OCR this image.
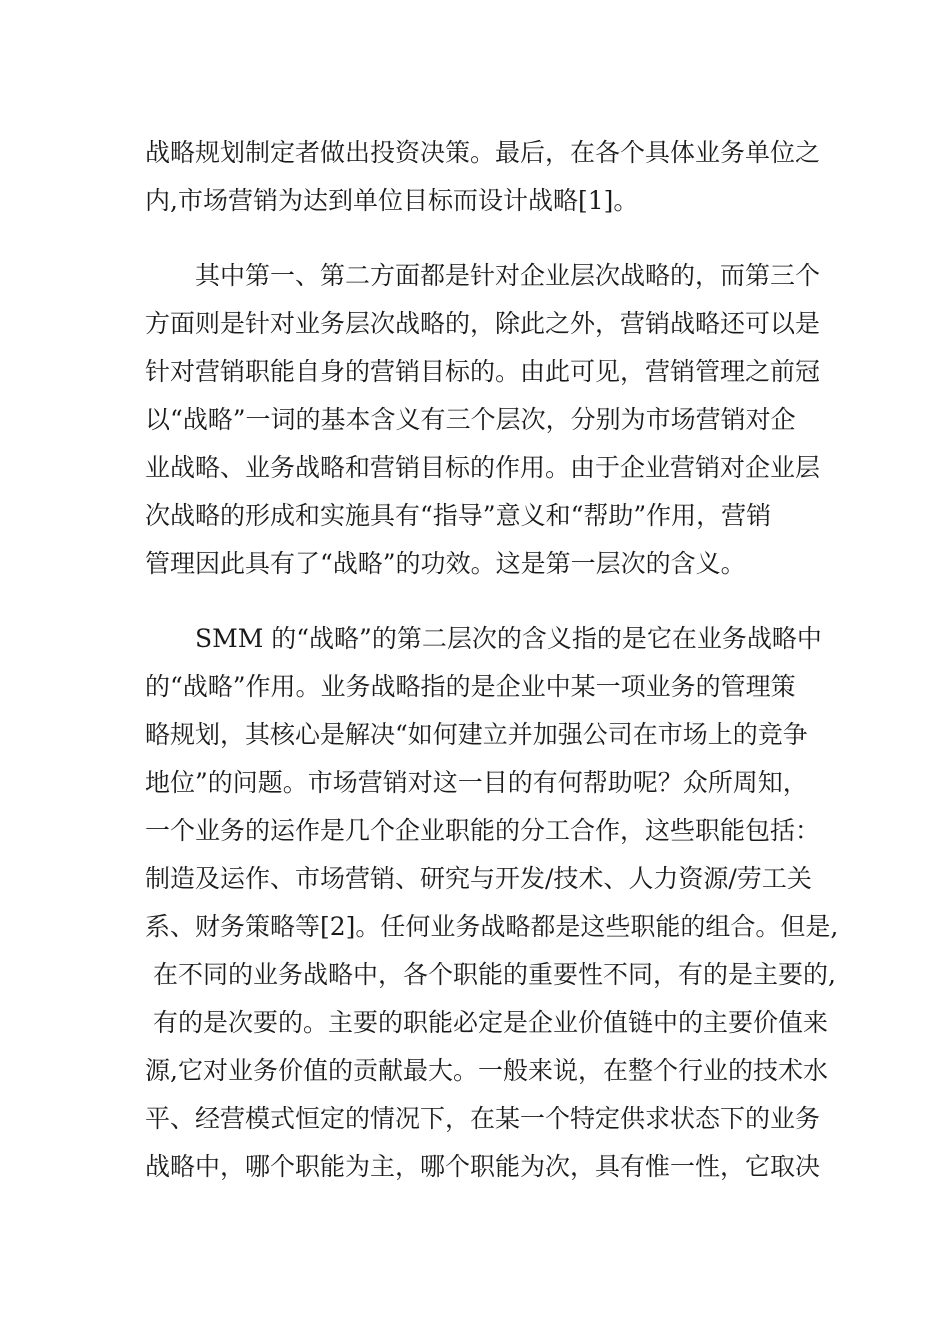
战略规划制定者做出投资决策。最后，在各个具体业务单位之

内,市场营销为达到单位目标而设计战略[1]。

　　其中第一、第二方面都是针对企业层次战略的，而第三个

方面则是针对业务层次战略的，除此之外，营销战略还可以是

针对营销职能自身的营销目标的。由此可见，营销管理之前冠

以“战略”一词的基本含义有三个层次，分别为市场营销对企

业战略、业务战略和营销目标的作用。由于企业营销对企业层

次战略的形成和实施具有“指导”意义和“帮助”作用，营销

管理因此具有了“战略”的功效。这是第一层次的含义。

　　SMM 的“战略”的第二层次的含义指的是它在业务战略中

的“战略”作用。业务战略指的是企业中某一项业务的管理策

略规划，其核心是解决“如何建立并加强公司在市场上的竞争

地位”的问题。市场营销对这一目的有何帮助呢？众所周知，

一个业务的运作是几个企业职能的分工合作，这些职能包括：

制造及运作、市场营销、研究与开发/技术、人力资源/劳工关

系、财务策略等[2]。任何业务战略都是这些职能的组合。但是,

在不同的业务战略中，各个职能的重要性不同，有的是主要的,

有的是次要的。主要的职能必定是企业价值链中的主要价值来

源,它对业务价值的贡献最大。一般来说，在整个行业的技术水

平、经营模式恒定的情况下，在某一个特定供求状态下的业务

战略中，哪个职能为主，哪个职能为次，具有惟一性，它取决
